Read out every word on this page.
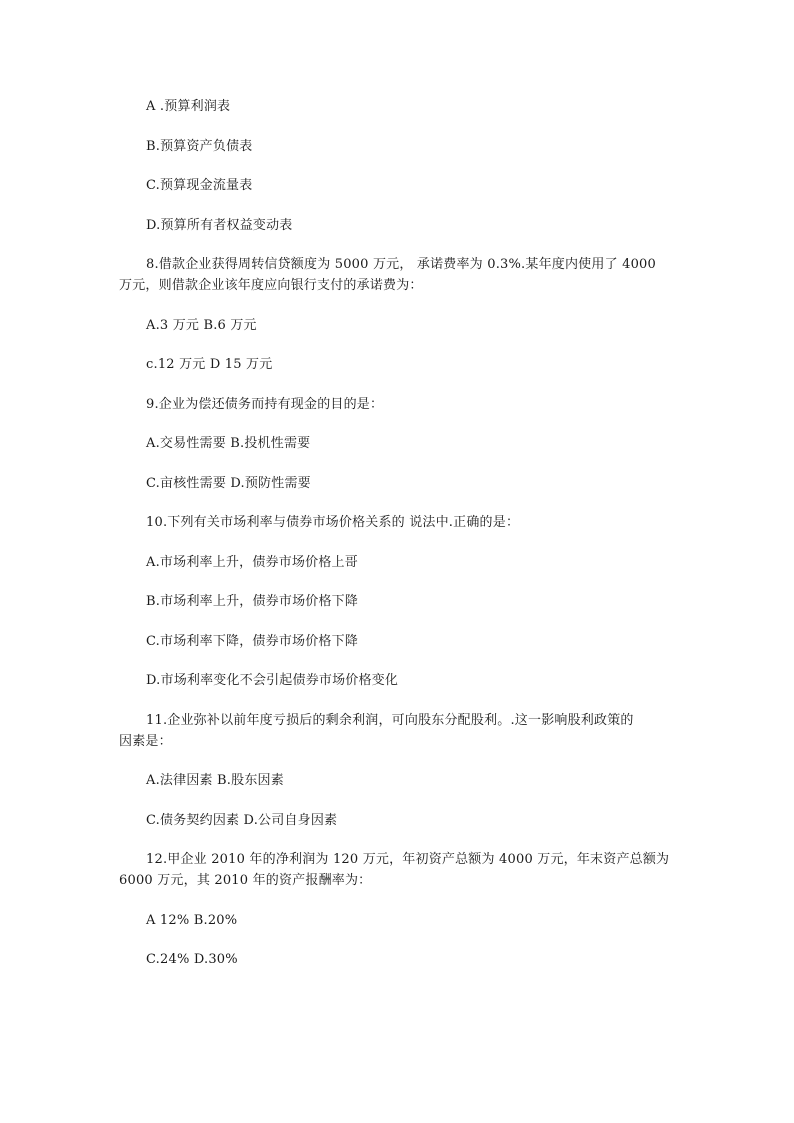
A .预算利润表
B.预算资产负债表
C.预算现金流量表
D.预算所有者权益变动表
8.借款企业获得周转信贷额度为 5000 万元， 承诺费率为 0.3%.某年度内使用了 4000
万元，则借款企业该年度应向银行支付的承诺费为：
A.3 万元 B.6 万元
c.12 万元 D 15 万元
9.企业为偿还债务而持有现金的目的是：
A.交易性需要 B.投机性需要
C.亩核性需要 D.预防性需要
10.下列有关市场利率与债券市场价格关系的 说法中.正确的是：
A.市场利率上升，债券市场价格上哥
B.市场利率上升，债券市场价格下降
C.市场利率下降，债券市场价格下降
D.市场利率变化不会引起债券市场价格变化
11.企业弥补以前年度亏损后的剩余利润，可向股东分配股利。.这一影响股利政策的
因素是：
A.法律因素 B.股东因素
C.债务契约因素 D.公司自身因素
12.甲企业 2010 年的净利润为 120 万元，年初资产总额为 4000 万元，年末资产总额为
6000 万元，其 2010 年的资产报酬率为：
A 12% B.20%
C.24% D.30%
